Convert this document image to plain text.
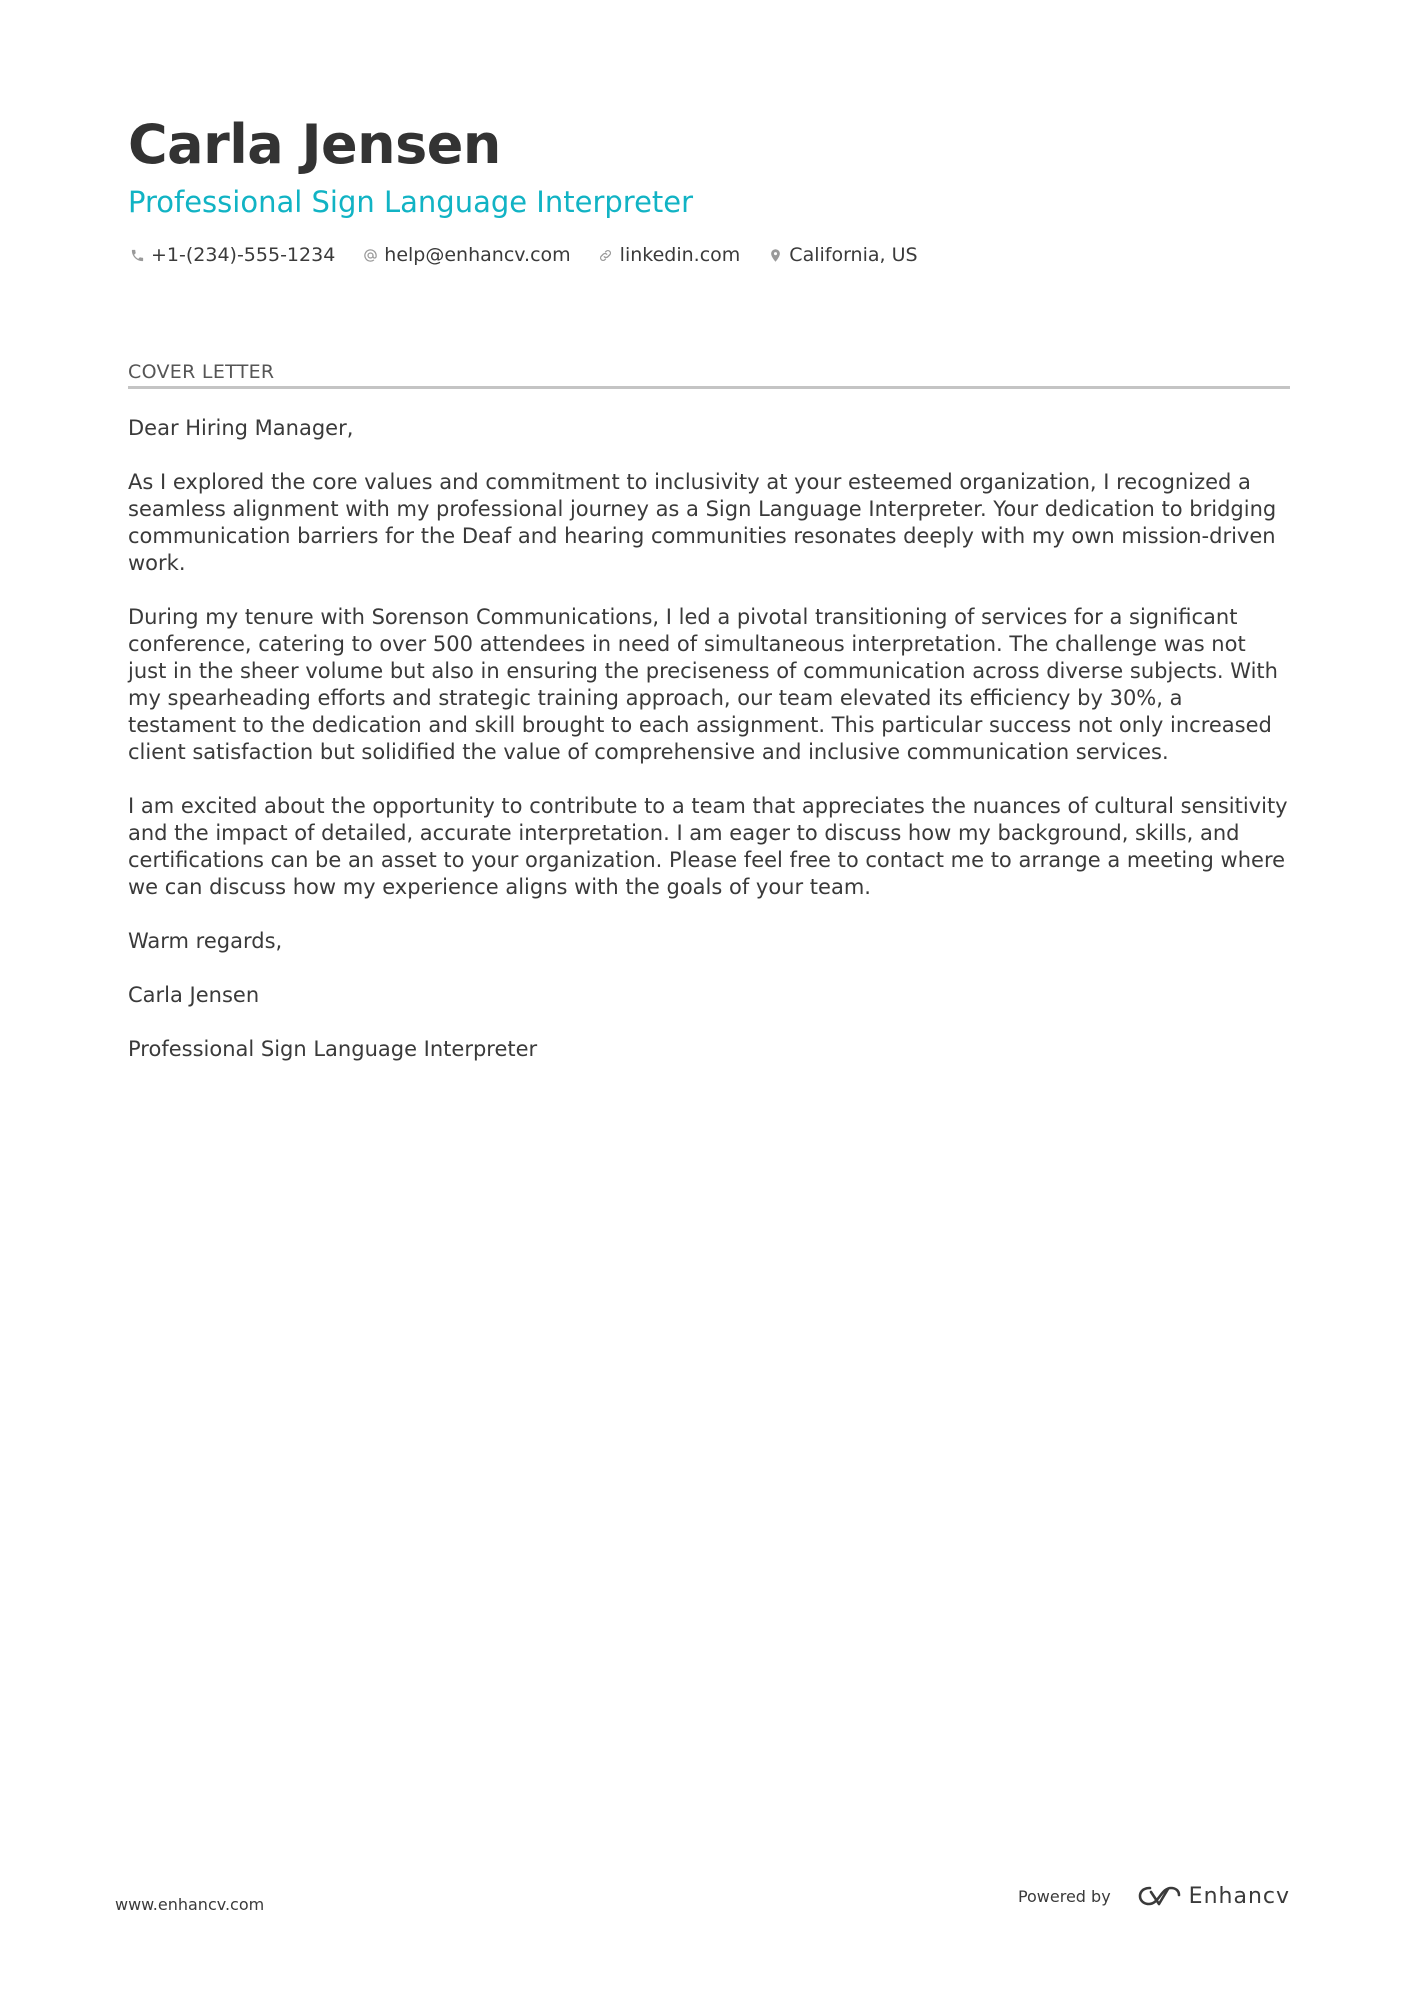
Carla Jensen
Professional Sign Language Interpreter
+1-(234)-555-1234	help@enhancv.com	linkedin.com	California, US
COVER LETTER

Dear Hiring Manager,

As I explored the core values and commitment to inclusivity at your esteemed organization, I recognized a seamless alignment with my professional journey as a Sign Language Interpreter. Your dedication to bridging communication barriers for the Deaf and hearing communities resonates deeply with my own mission-driven work.

During my tenure with Sorenson Communications, I led a pivotal transitioning of services for a significant conference, catering to over 500 attendees in need of simultaneous interpretation. The challenge was not just in the sheer volume but also in ensuring the preciseness of communication across diverse subjects. With my spearheading efforts and strategic training approach, our team elevated its efficiency by 30%, a testament to the dedication and skill brought to each assignment. This particular success not only increased client satisfaction but solidified the value of comprehensive and inclusive communication services.

I am excited about the opportunity to contribute to a team that appreciates the nuances of cultural sensitivity and the impact of detailed, accurate interpretation. I am eager to discuss how my background, skills, and certifications can be an asset to your organization. Please feel free to contact me to arrange a meeting where we can discuss how my experience aligns with the goals of your team.

Warm regards,

Carla Jensen

Professional Sign Language Interpreter

www.enhancv.com	Powered by	Enhancv
